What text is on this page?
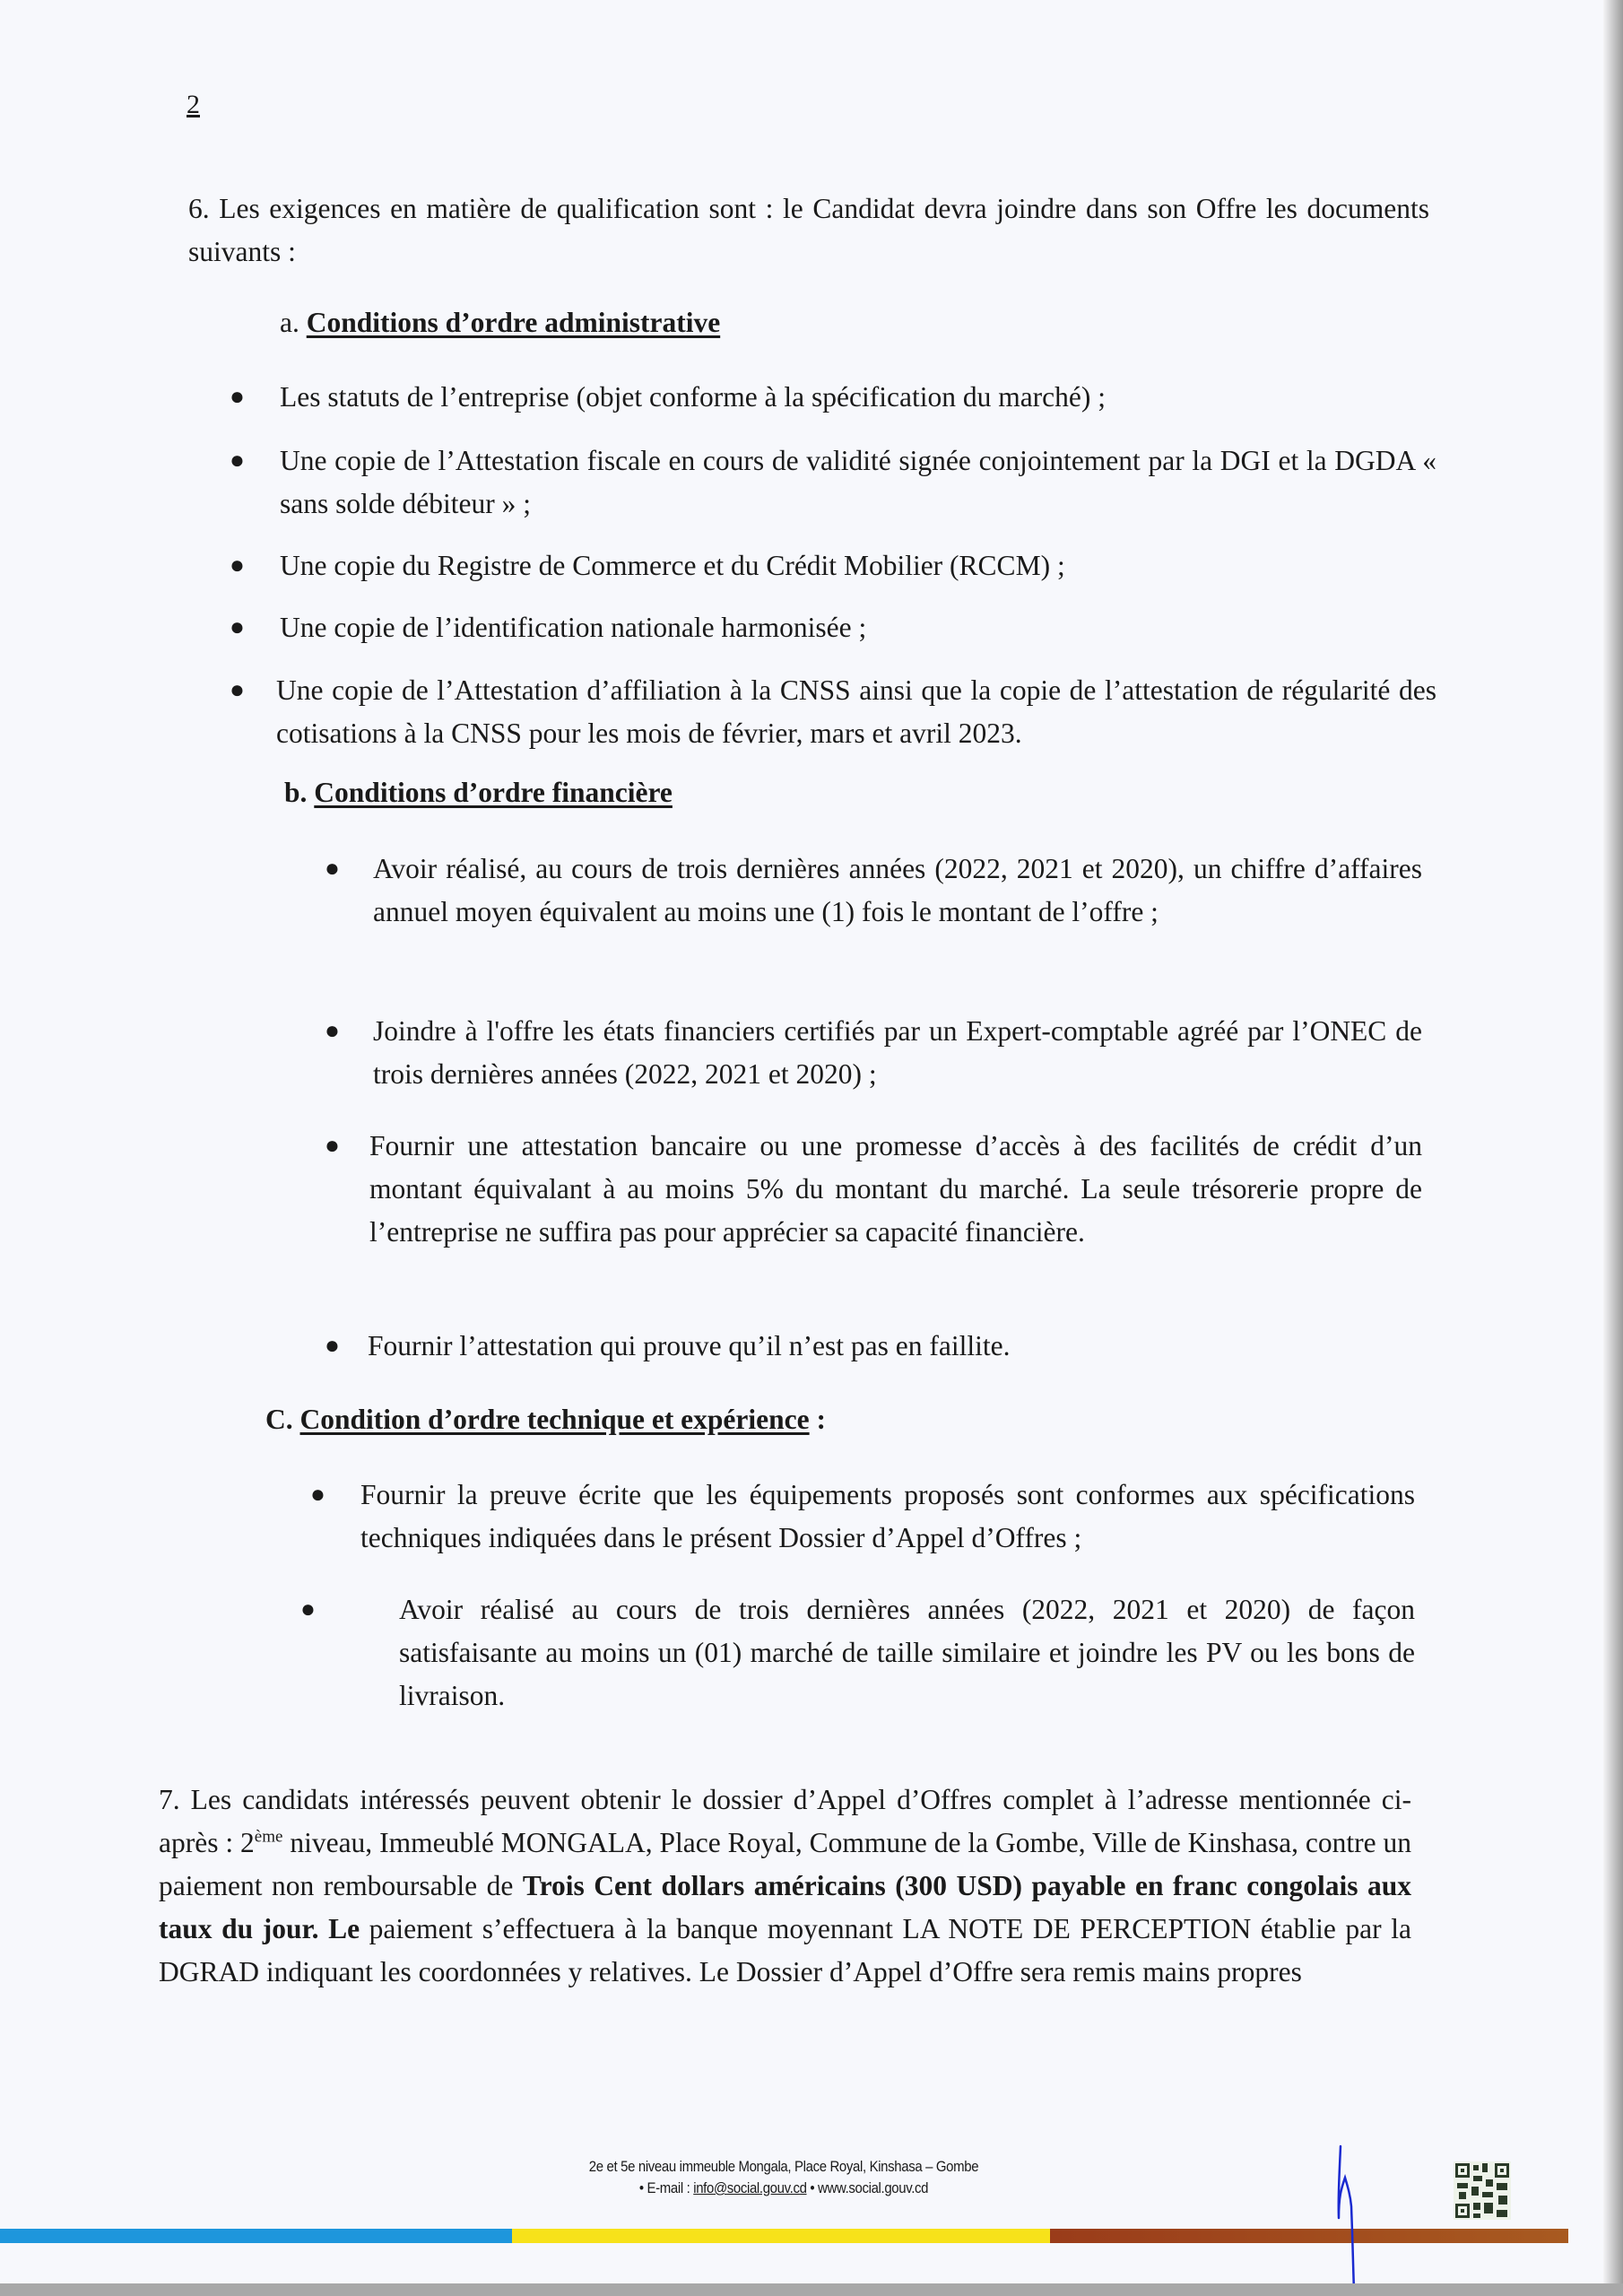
2
6. Les exigences en matière de qualification sont : le Candidat devra joindre dans son Offre les documents suivants :
a. Conditions d’ordre administrative
● Les statuts de l’entreprise (objet conforme à la spécification du marché) ;
● Une copie de l’Attestation fiscale en cours de validité signée conjointement par la DGI et la DGDA « sans solde débiteur » ;
● Une copie du Registre de Commerce et du Crédit Mobilier (RCCM) ;
● Une copie de l’identification nationale harmonisée ;
● Une copie de l’Attestation d’affiliation à la CNSS ainsi que la copie de l’attestation de régularité des cotisations à la CNSS pour les mois de février, mars et avril 2023.
b. Conditions d’ordre financière
● Avoir réalisé, au cours de trois dernières années (2022, 2021 et 2020), un chiffre d’affaires annuel moyen équivalent au moins une (1) fois le montant de l’offre ;
● Joindre à l'offre les états financiers certifiés par un Expert-comptable agréé par l’ONEC de trois dernières années (2022, 2021 et 2020) ;
● Fournir une attestation bancaire ou une promesse d’accès à des facilités de crédit d’un montant équivalant à au moins 5% du montant du marché. La seule trésorerie propre de l’entreprise ne suffira pas pour apprécier sa capacité financière.
● Fournir l’attestation qui prouve qu’il n’est pas en faillite.
C. Condition d’ordre technique et expérience :
● Fournir la preuve écrite que les équipements proposés sont conformes aux spécifications techniques indiquées dans le présent Dossier d’Appel d’Offres ;
●	Avoir réalisé au cours de trois dernières années (2022, 2021 et 2020) de façon satisfaisante au moins un (01) marché de taille similaire et joindre les PV ou les bons de livraison.
7. Les candidats intéressés peuvent obtenir le dossier d’Appel d’Offres complet à l’adresse mentionnée ci-après : 2ème niveau, Immeublé MONGALA, Place Royal, Commune de la Gombe, Ville de Kinshasa, contre un paiement non remboursable de Trois Cent dollars américains (300 USD) payable en franc congolais aux taux du jour. Le paiement s’effectuera à la banque moyennant LA NOTE DE PERCEPTION établie par la DGRAD indiquant les coordonnées y relatives. Le Dossier d’Appel d’Offre sera remis mains propres
2e et 5e niveau immeuble Mongala, Place Royal, Kinshasa – Gombe
• E-mail : info@social.gouv.cd • www.social.gouv.cd
